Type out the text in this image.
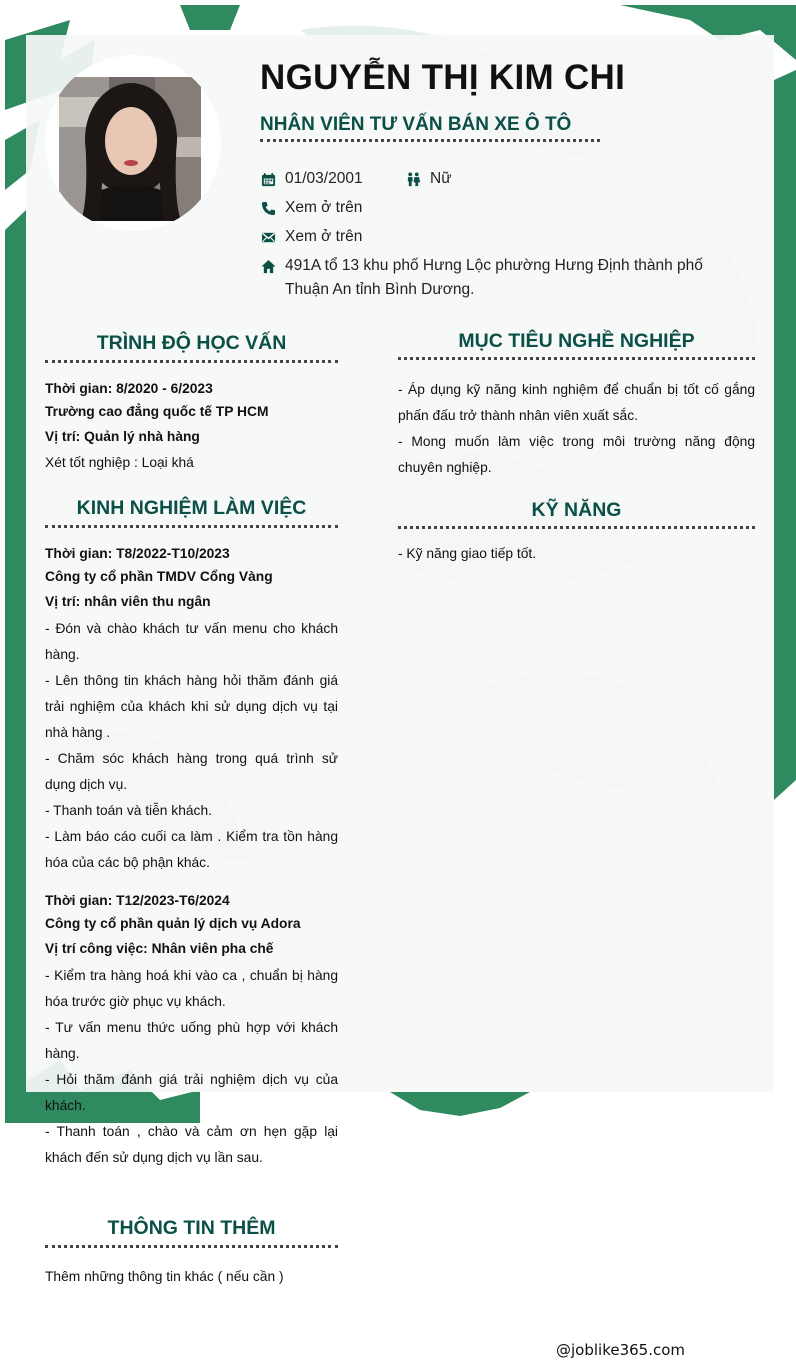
NGUYỄN THỊ KIM CHI
NHÂN VIÊN TƯ VẤN BÁN XE Ô TÔ
01/03/2001	Nữ
Xem ở trên
Xem ở trên
491A tổ 13 khu phố Hưng Lộc phường Hưng Định thành phố Thuận An tỉnh Bình Dương.
TRÌNH ĐỘ HỌC VẤN
Thời gian: 8/2020 - 6/2023
Trường cao đẳng quốc tế TP HCM
Vị trí: Quản lý nhà hàng
Xét tốt nghiệp : Loại khá
MỤC TIÊU NGHỀ NGHIỆP
- Áp dụng kỹ năng kinh nghiệm để chuẩn bị tốt cố gắng phấn đấu trở thành nhân viên xuất sắc.
- Mong muốn làm việc trong môi trường năng động chuyên nghiệp.
KỸ NĂNG
- Kỹ năng giao tiếp tốt.
KINH NGHIỆM LÀM VIỆC
Thời gian: T8/2022-T10/2023
Công ty cổ phần TMDV Cổng Vàng
Vị trí: nhân viên thu ngân
- Đón và chào khách tư vấn menu cho khách hàng.
- Lên thông tin khách hàng hỏi thăm đánh giá trải nghiệm của khách khi sử dụng dịch vụ tại nhà hàng .
- Chăm sóc khách hàng trong quá trình sử dụng dịch vụ.
- Thanh toán và tiễn khách.
- Làm báo cáo cuối ca làm . Kiểm tra tồn hàng hóa của các bộ phận khác.
Thời gian: T12/2023-T6/2024
Công ty cổ phần quản lý dịch vụ Adora
Vị trí công việc: Nhân viên pha chế
- Kiểm tra hàng hoá khi vào ca , chuẩn bị hàng hóa trước giờ phục vụ khách.
- Tư vấn menu thức uống phù hợp với khách hàng.
- Hỏi thăm đánh giá trải nghiệm dịch vụ của khách.
- Thanh toán , chào và cảm ơn hẹn gặp lại khách đến sử dụng dịch vụ lần sau.
THÔNG TIN THÊM
Thêm những thông tin khác ( nếu cần )
@joblike365.com
